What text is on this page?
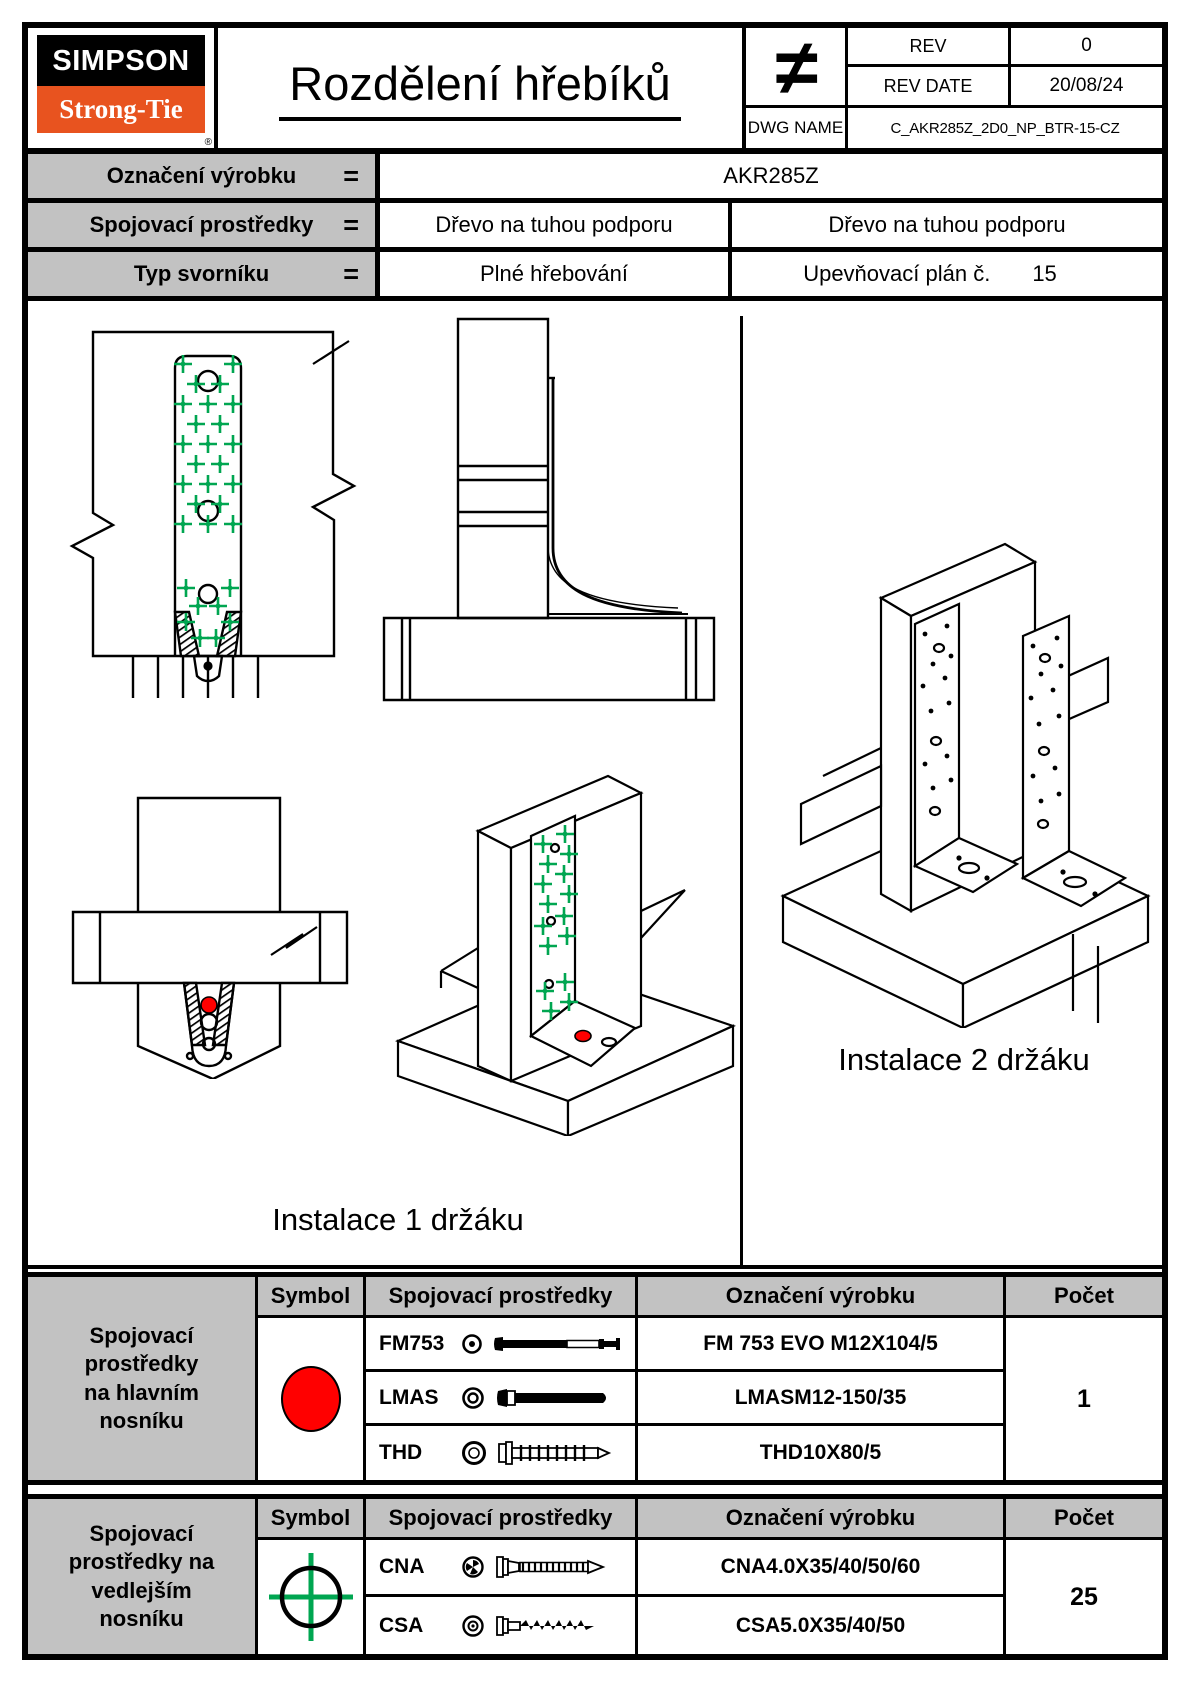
SIMPSON
Strong-Tie
®
Rozdělení hřebíků	≠	REV	0
REV DATE	20/08/24
DWG NAME	C_AKR285Z_2D0_NP_BTR-15-CZ
Označení výrobku =	AKR285Z
Spojovací prostředky =	Dřevo na tuhou podporu	Dřevo na tuhou podporu
Typ svorníku	=	Plné hřebování	Upevňovací plán č. 15
Instalace 1 držáku
Instalace 2 držáku
Spojovací
prostředky
na hlavním
nosníku
Symbol	Spojovací prostředky	Označení výrobku	Počet
FM753	FM 753 EVO M12X104/5
1
LMAS	LMASM12-150/35
THD	THD10X80/5
Spojovací
prostředky na
vedlejším
nosníku
Symbol	Spojovací prostředky	Označení výrobku	Počet
CNA	CNA4.0X35/40/50/60
25
CSA	CSA5.0X35/40/50
